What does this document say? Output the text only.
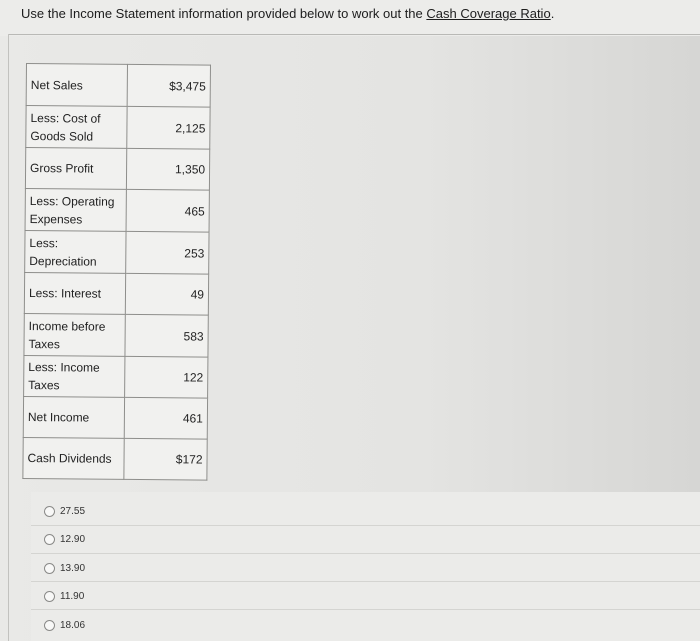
Use the Income Statement information provided below to work out the Cash Coverage Ratio.
Net Sales	$3,475
Less: Cost of Goods Sold	2,125
Gross Profit	1,350
Less: Operating Expenses	465
Less: Depreciation	253
Less: Interest	49
Income before Taxes	583
Less: Income Taxes	122
Net Income	461
Cash Dividends	$172
27.55
12.90
13.90
11.90
18.06
